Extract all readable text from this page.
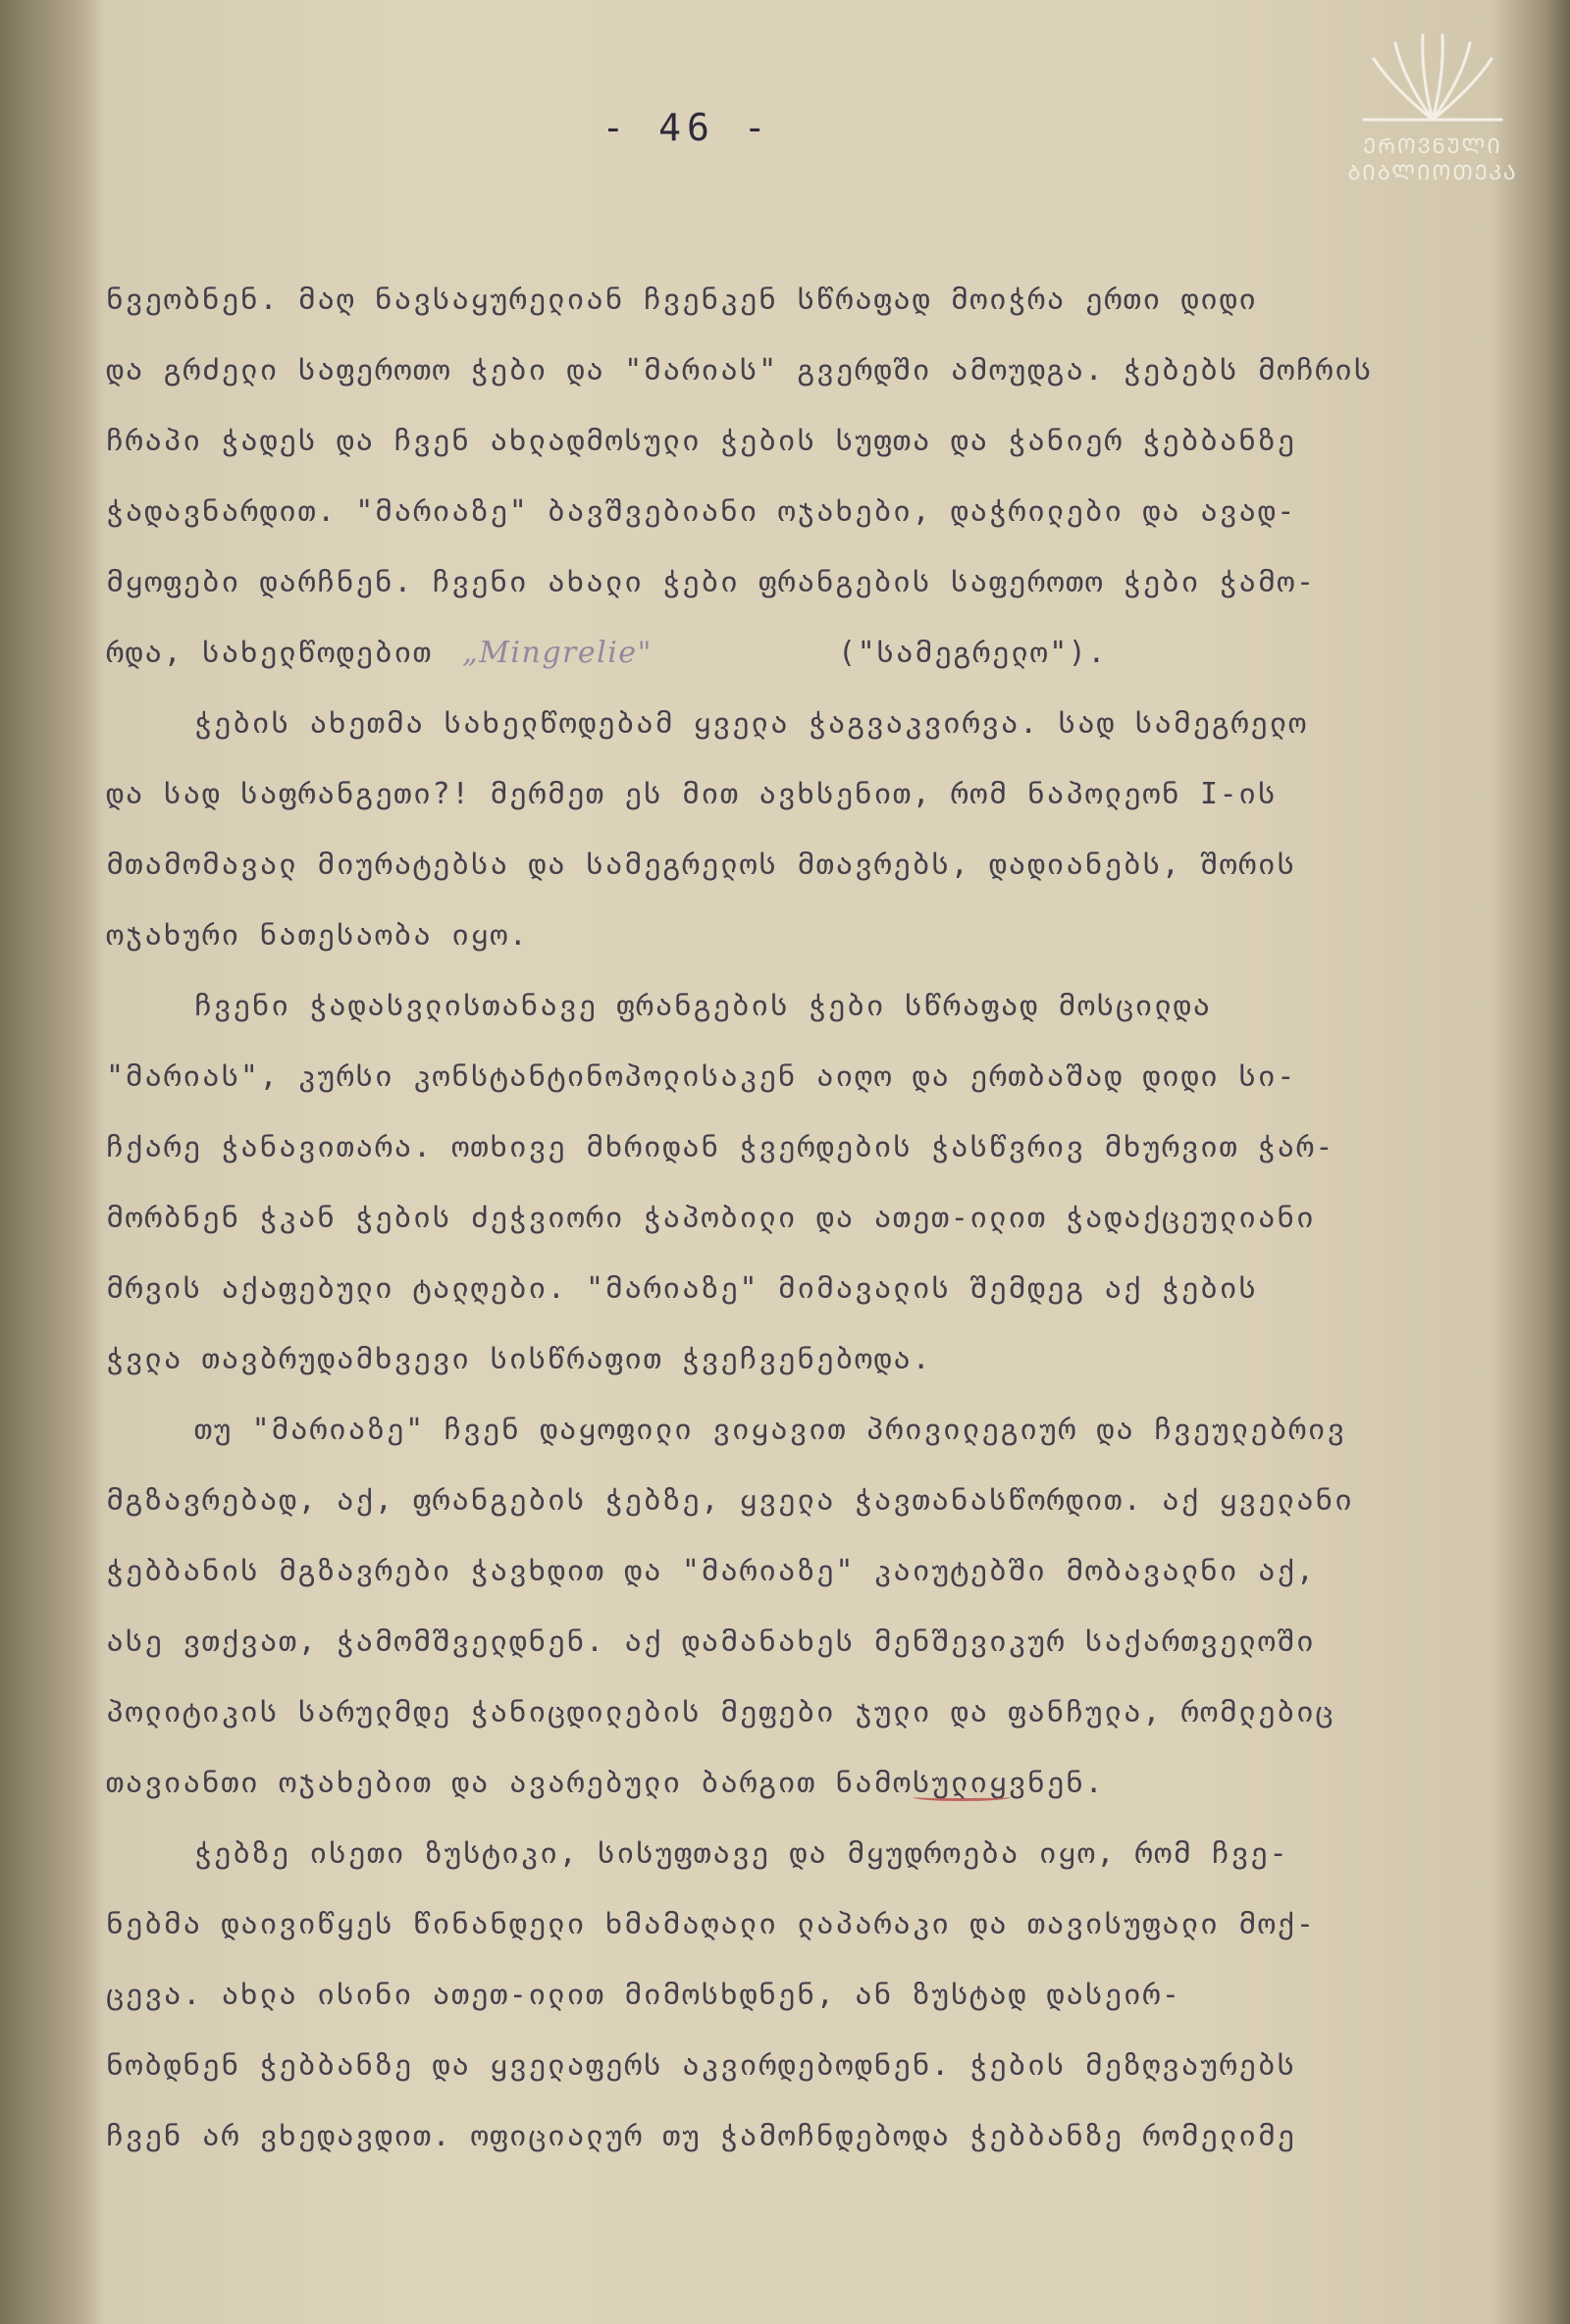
- 46 -	ᲔᲠᲝᲕᲜᲣᲚᲘ
ᲑᲘᲑᲚᲘᲝᲗᲔᲙᲐ
ნვეობნენ. მაღ ნავსაყურელიან ჩვენკენ სწრაფად მოიჭრა ერთი დიდი
და გრძელი საფეროთო ჭები და "მარიას" გვერდში ამოუდგა. ჭებებს მოჩრის
ჩრაპი ჭადეს და ჩვენ ახლადმოსული ჭების სუფთა და ჭანიერ ჭებბანზე
ჭადავნარდით. "მარიაზე" ბავშვებიანი ოჯახები, დაჭრილები და ავად-
მყოფები დარჩნენ. ჩვენი ახალი ჭები ფრანგების საფეროთო ჭები ჭამო-
რდა, სახელწოდებით  „Mingrelie"	("სამეგრელო").
ჭების ახეთმა სახელწოდებამ ყველა ჭაგვაკვირვა. სად სამეგრელო
და სად საფრანგეთი?! მერმეთ ეს მით ავხსენით, რომ ნაპოლეონ I-ის
მთამომავალ მიურატებსა და სამეგრელოს მთავრებს, დადიანებს, შორის
ოჯახური ნათესაობა იყო.
ჩვენი ჭადასვლისთანავე ფრანგების ჭები სწრაფად მოსცილდა
"მარიას", კურსი კონსტანტინოპოლისაკენ აიღო და ერთბაშად დიდი სი-
ჩქარე ჭანავითარა. ოთხივე მხრიდან ჭვერდების ჭასწვრივ მხურვით ჭარ-
მორბნენ ჭკან ჭების ძეჭვიორი ჭაპობილი და ათეთ-ილით ჭადაქცეულიანი
მრვის აქაფებული ტალღები. "მარიაზე" მიმავალის შემდეგ აქ ჭების
ჭვლა თავბრუდამხვევი სისწრაფით ჭვეჩვენებოდა.
თუ "მარიაზე" ჩვენ დაყოფილი ვიყავით პრივილეგიურ და ჩვეულებრივ
მგზავრებად, აქ, ფრანგების ჭებზე, ყველა ჭავთანასწორდით. აქ ყველანი
ჭებბანის მგზავრები ჭავხდით და "მარიაზე" კაიუტებში მობავალნი აქ,
ასე ვთქვათ, ჭამომშველდნენ. აქ დამანახეს მენშევიკურ საქართველოში
პოლიტიკის სარულმდე ჭანიცდილების მეფები ჯული და ფანჩულა, რომლებიც
თავიანთი ოჯახებით და ავარებული ბარგით ნამოსულიყვნენ.
ჭებზე ისეთი ზუსტიკი, სისუფთავე და მყუდროება იყო, რომ ჩვე-
ნებმა დაივიწყეს წინანდელი ხმამაღალი ლაპარაკი და თავისუფალი მოქ-
ცევა. ახლა ისინი ათეთ-ილით მიმოსხდნენ, ან ზუსტად დასეირ-
ნობდნენ ჭებბანზე და ყველაფერს აკვირდებოდნენ. ჭების მეზღვაურებს
ჩვენ არ ვხედავდით. ოფიციალურ თუ ჭამოჩნდებოდა ჭებბანზე რომელიმე
